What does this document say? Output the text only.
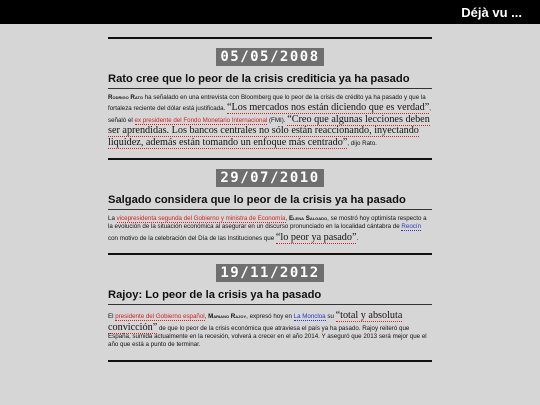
Déjà vu ...
05/05/2008
Rato cree que lo peor de la crisis crediticia ya ha pasado

Rodrigo Rato ha señalado en una entrevista con Bloomberg que lo peor de la crisis de crédito ya ha pasado y que la fortaleza reciente del dólar está justificada. “Los mercados nos están diciendo que es verdad”, señaló el ex presidente del Fondo Monetario Internacional (FMI). “Creo que algunas lecciones deben ser aprendidas. Los bancos centrales no sólo están reaccionando, inyectando liquidez, además están tomando un enfoque más centrado”, dijo Rato.

29/07/2010
Salgado considera que lo peor de la crisis ya ha pasado

La vicepresidenta segunda del Gobierno y ministra de Economía, Elena Salgado, se mostró hoy optimista respecto a la evolución de la situación económica al asegurar en un discurso pronunciado en la localidad cántabra de Reocín con motivo de la celebración del Día de las Instituciones que “lo peor ya pasado”.

19/11/2012
Rajoy: Lo peor de la crisis ya ha pasado

El presidente del Gobierno español, Mariano Rajoy, expresó hoy en La Moncloa su “total y absoluta convicción” de que lo peor de la crisis económica que atraviesa el país ya ha pasado. Rajoy reiteró que España, sumida actualmente en la recesión, volverá a crecer en el año 2014. Y aseguró que 2013 será mejor que el año que está a punto de terminar.
